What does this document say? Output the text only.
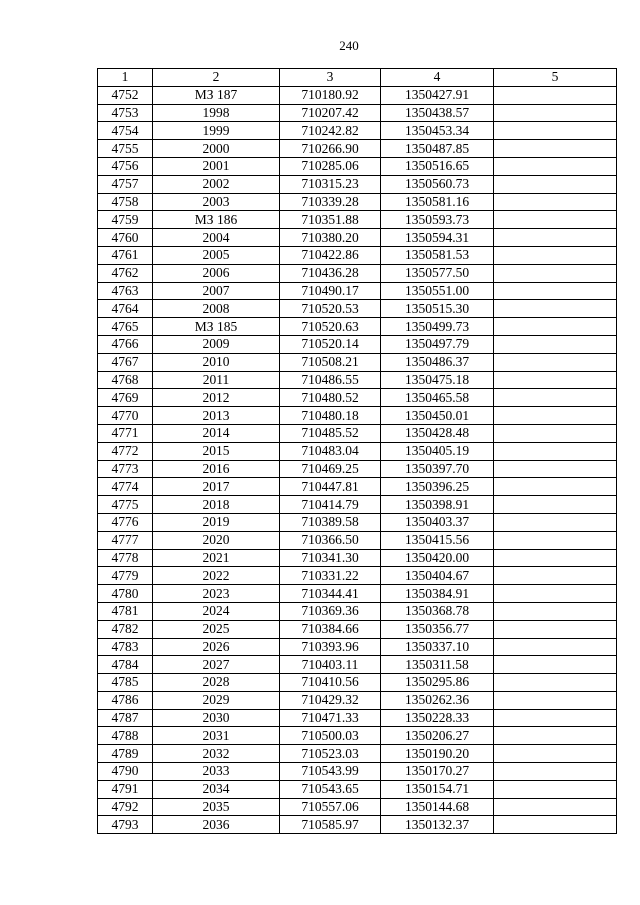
240
1	2	3	4	5
4752	МЗ 187	710180.92	1350427.91	
4753	1998	710207.42	1350438.57	
4754	1999	710242.82	1350453.34	
4755	2000	710266.90	1350487.85	
4756	2001	710285.06	1350516.65	
4757	2002	710315.23	1350560.73	
4758	2003	710339.28	1350581.16	
4759	МЗ 186	710351.88	1350593.73	
4760	2004	710380.20	1350594.31	
4761	2005	710422.86	1350581.53	
4762	2006	710436.28	1350577.50	
4763	2007	710490.17	1350551.00	
4764	2008	710520.53	1350515.30	
4765	МЗ 185	710520.63	1350499.73	
4766	2009	710520.14	1350497.79	
4767	2010	710508.21	1350486.37	
4768	2011	710486.55	1350475.18	
4769	2012	710480.52	1350465.58	
4770	2013	710480.18	1350450.01	
4771	2014	710485.52	1350428.48	
4772	2015	710483.04	1350405.19	
4773	2016	710469.25	1350397.70	
4774	2017	710447.81	1350396.25	
4775	2018	710414.79	1350398.91	
4776	2019	710389.58	1350403.37	
4777	2020	710366.50	1350415.56	
4778	2021	710341.30	1350420.00	
4779	2022	710331.22	1350404.67	
4780	2023	710344.41	1350384.91	
4781	2024	710369.36	1350368.78	
4782	2025	710384.66	1350356.77	
4783	2026	710393.96	1350337.10	
4784	2027	710403.11	1350311.58	
4785	2028	710410.56	1350295.86	
4786	2029	710429.32	1350262.36	
4787	2030	710471.33	1350228.33	
4788	2031	710500.03	1350206.27	
4789	2032	710523.03	1350190.20	
4790	2033	710543.99	1350170.27	
4791	2034	710543.65	1350154.71	
4792	2035	710557.06	1350144.68	
4793	2036	710585.97	1350132.37	
